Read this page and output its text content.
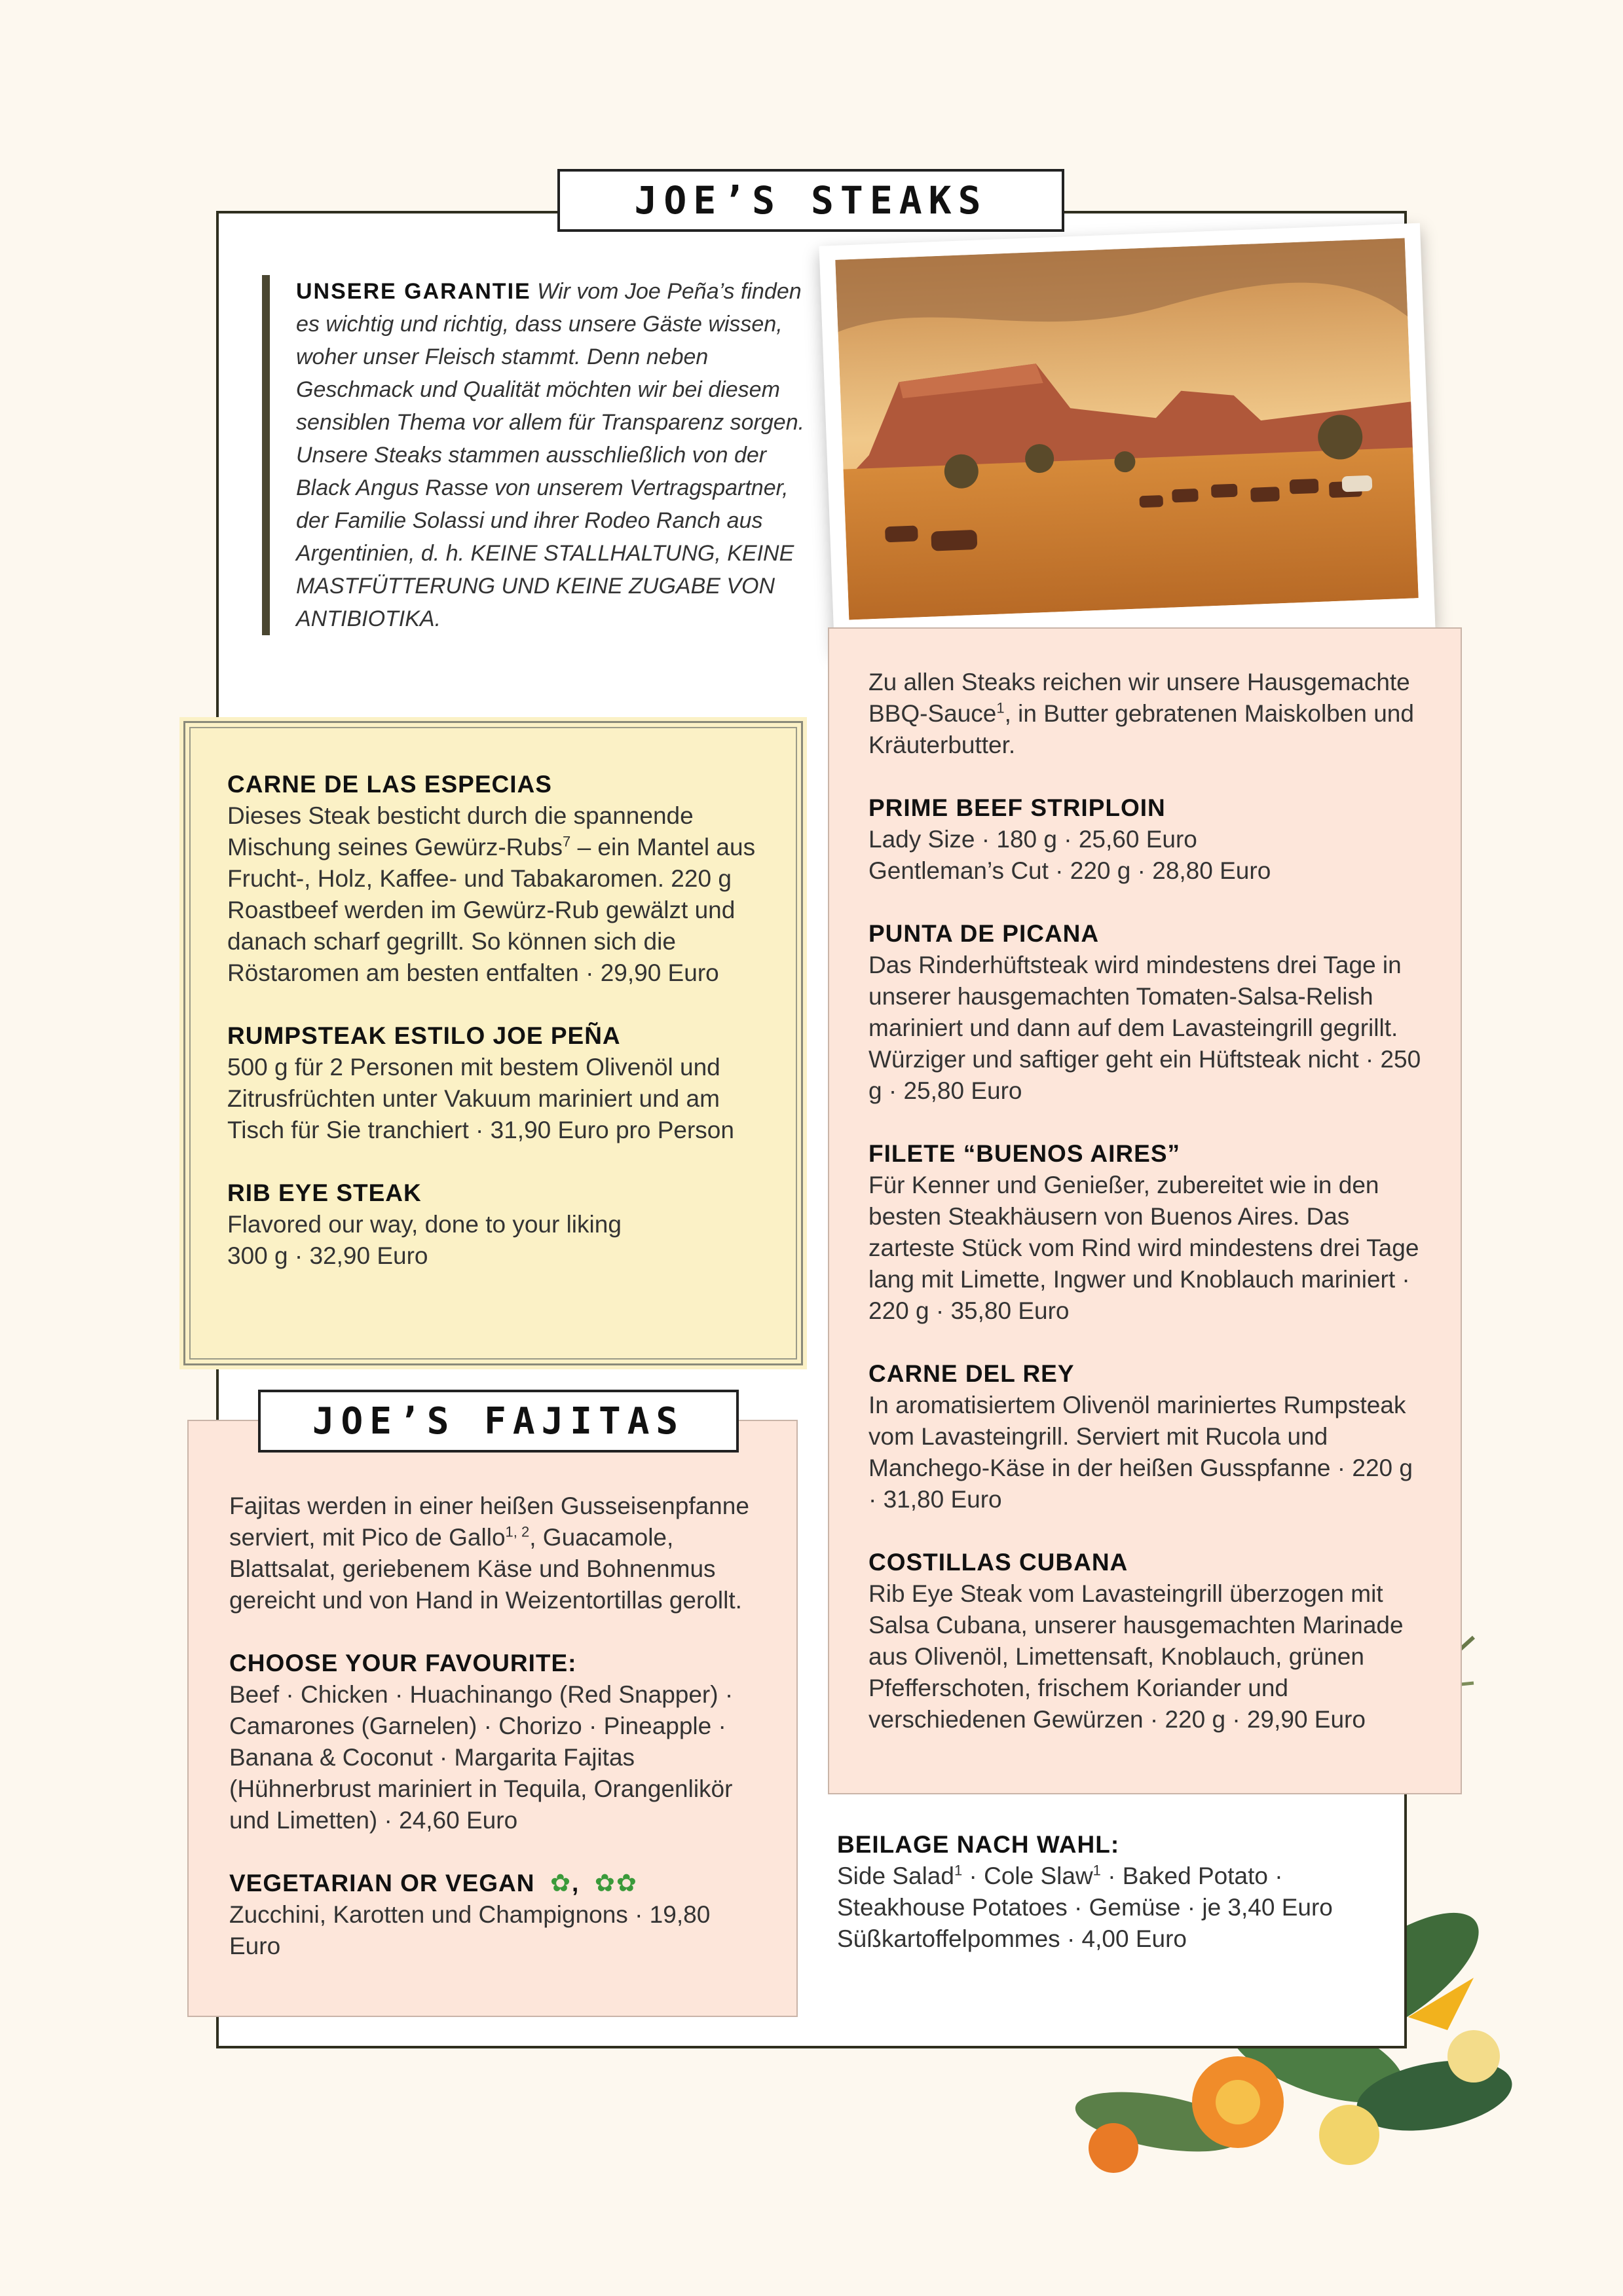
JOE’S STEAKS
UNSERE GARANTIE Wir vom Joe Peña’s finden es wichtig und richtig, dass unsere Gäste wissen, woher unser Fleisch stammt. Denn neben Geschmack und Qualität möchten wir bei diesem sensiblen Thema vor allem für Transparenz sorgen. Unsere Steaks stammen ausschließlich von der Black Angus Rasse von unserem Vertragspartner, der Familie Solassi und ihrer Rodeo Ranch aus Argentinien, d. h. KEINE STALLHALTUNG, KEINE MASTFÜTTERUNG UND KEINE ZUGABE VON ANTIBIOTIKA.
CARNE DE LAS ESPECIAS

Dieses Steak besticht durch die spannende Mischung seines Gewürz-Rubs$^7$ – ein Mantel aus Frucht-, Holz, Kaffee- und Tabakaromen. 220 g Roastbeef werden im Gewürz-Rub gewälzt und danach scharf gegrillt. So können sich die Röstaromen am besten entfalten · 29,90 Euro

RUMPSTEAK ESTILO JOE PEÑA

500 g für 2 Personen mit bestem Olivenöl und Zitrusfrüchten unter Vakuum mariniert und am Tisch für Sie tranchiert · 31,90 Euro pro Person

RIB EYE STEAK

Flavored our way, done to your liking

300 g · 32,90 Euro

Zu allen Steaks reichen wir unsere Hausgemachte BBQ-Sauce$^1$, in Butter gebratenen Maiskolben und Kräuterbutter.

PRIME BEEF STRIPLOIN

Lady Size · 180 g · 25,60 Euro

Gentleman’s Cut · 220 g · 28,80 Euro

PUNTA DE PICANA

Das Rinderhüftsteak wird mindestens drei Tage in unserer hausgemachten Tomaten-Salsa-Relish mariniert und dann auf dem Lavasteingrill gegrillt. Würziger und saftiger geht ein Hüftsteak nicht · 250 g · 25,80 Euro

FILETE “BUENOS AIRES”

Für Kenner und Genießer, zubereitet wie in den besten Steakhäusern von Buenos Aires. Das zarteste Stück vom Rind wird mindestens drei Tage lang mit Limette, Ingwer und Knoblauch mariniert · 220 g · 35,80 Euro

CARNE DEL REY

In aromatisiertem Olivenöl mariniertes Rumpsteak vom Lavasteingrill. Serviert mit Rucola und Manchego-Käse in der heißen Gusspfanne · 220 g · 31,80 Euro

COSTILLAS CUBANA

Rib Eye Steak vom Lavasteingrill überzogen mit Salsa Cubana, unserer hausgemachten Marinade aus Olivenöl, Limettensaft, Knoblauch, grünen Pfefferschoten, frischem Koriander und verschiedenen Gewürzen · 220 g · 29,90 Euro

BEILAGE NACH WAHL:

Side Salad$^1$ · Cole Slaw$^1$ · Baked Potato · Steakhouse Potatoes · Gemüse · je 3,40 Euro

Süßkartoffelpommes · 4,00 Euro

Fajitas werden in einer heißen Gusseisenpfanne serviert, mit Pico de Gallo$^{1, 2}$, Guacamole, Blattsalat, geriebenem Käse und Bohnenmus gereicht und von Hand in Weizentortillas gerollt.

CHOOSE YOUR FAVOURITE:

Beef · Chicken · Huachinango (Red Snapper) · Camarones (Garnelen) · Chorizo · Pineapple · Banana & Coconut · Margarita Fajitas (Hühnerbrust mariniert in Tequila, Orangenlikör und Limetten) · 24,60 Euro

VEGETARIAN OR VEGAN  ✿,  ✿✿

Zucchini, Karotten und Champignons · 19,80 Euro

JOE’S FAJITAS
